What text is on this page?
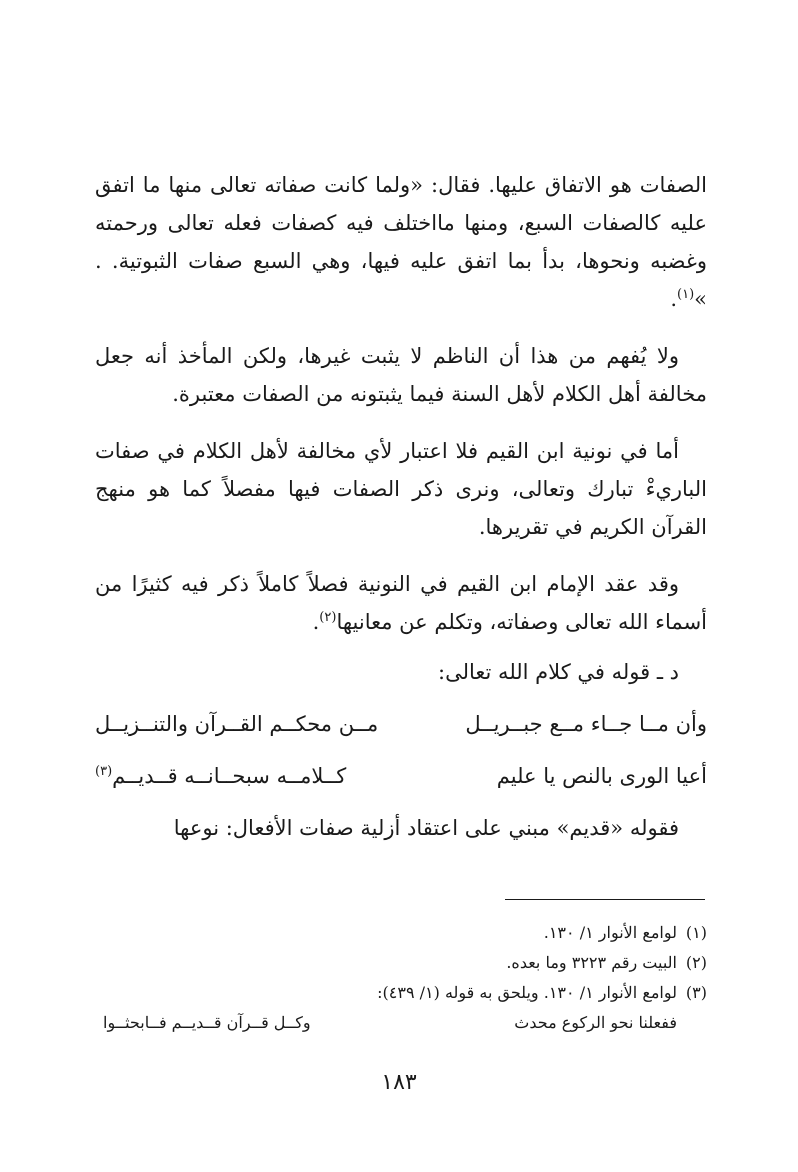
الصفات هو الاتفاق عليها. فقال: «ولما كانت صفاته تعالى منها ما اتفق عليه كالصفات السبع، ومنها مااختلف فيه كصفات فعله تعالى ورحمته وغضبه ونحوها، بدأ بما اتفق عليه فيها، وهي السبع صفات الثبوتية. . »$^{(١)}$.

ولا يُفهم من هذا أن الناظم لا يثبت غيرها، ولكن المأخذ أنه جعل مخالفة أهل الكلام لأهل السنة فيما يثبتونه من الصفات معتبرة.

أما في نونية ابن القيم فلا اعتبار لأي مخالفة لأهل الكلام في صفات الباريءْ تبارك وتعالى، ونرى ذكر الصفات فيها مفصلاً كما هو منهج القرآن الكريم في تقريرها.

وقد عقد الإمام ابن القيم في النونية فصلاً كاملاً ذكر فيه كثيرًا من أسماء الله تعالى وصفاته، وتكلم عن معانيها$^{(٢)}$.

د ـ قوله في كلام الله تعالى:

وأن مــا جــاء مــع جبــريــل
مــن محكــم القــرآن والتنــزيــل
أعيا الورى بالنص يا عليم
كــلامــه سبحــانــه قــديــم$^{(٣)}$

فقوله «قديم» مبني على اعتقاد أزلية صفات الأفعال: نوعها

(١)
لوامع الأنوار ١/ ١٣٠.
(٢)
البيت رقم ٣٢٢٣ وما بعده.
(٣)
لوامع الأنوار ١/ ١٣٠. ويلحق به قوله (١/ ٤٣٩):
ففعلنا نحو الركوع محدث
وكــل قــرآن قــديــم فــابحثــوا
١٨٣
